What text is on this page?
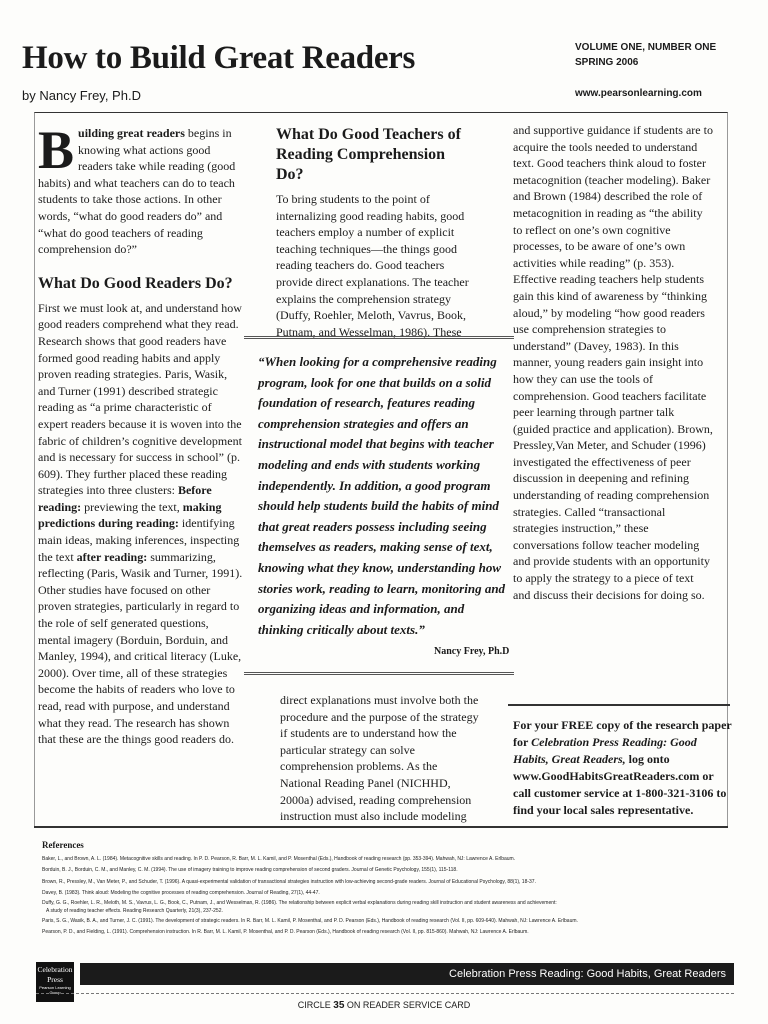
How to Build Great Readers
by Nancy Frey, Ph.D
VOLUME ONE, NUMBER ONE
SPRING 2006
www.pearsonlearning.com

Building great readers begins in knowing what actions good readers take while reading (good habits) and what teachers can do to teach students to take those actions. In other words, “what do good readers do” and “what do good teachers of reading comprehension do?”

What Do Good Readers Do?

First we must look at, and understand how good readers comprehend what they read. Research shows that good readers have formed good reading habits and apply proven reading strategies. Paris, Wasik, and Turner (1991) described strategic reading as “a prime characteristic of expert readers because it is woven into the fabric of children’s cognitive development and is necessary for success in school” (p. 609). They further placed these reading strategies into three clusters: Before reading: previewing the text, making predictions during reading: identifying main ideas, making inferences, inspecting the text after reading: summarizing, reflecting (Paris, Wasik and Turner, 1991). Other studies have focused on other proven strategies, particularly in regard to the role of self generated questions, mental imagery (Borduin, Borduin, and Manley, 1994), and critical literacy (Luke, 2000). Over time, all of these strategies become the habits of readers who love to read, read with purpose, and understand what they read. The research has shown that these are the things good readers do.

What Do Good Teachers of Reading Comprehension Do?

To bring students to the point of internalizing good reading habits, good teachers employ a number of explicit teaching techniques—the things good reading teachers do. Good teachers provide direct explanations. The teacher explains the comprehension strategy (Duffy, Roehler, Meloth, Vavrus, Book, Putnam, and Wesselman, 1986). These

“When looking for a comprehensive reading program, look for one that builds on a solid foundation of research, features reading comprehension strategies and offers an instructional model that begins with teacher modeling and ends with students working independently. In addition, a good program should help students build the habits of mind that great readers possess including seeing themselves as readers, making sense of text, knowing what they know, understanding how stories work, reading to learn, monitoring and organizing ideas and information, and thinking critically about texts.”
Nancy Frey, Ph.D
direct explanations must involve both the procedure and the purpose of the strategy if students are to understand how the particular strategy can solve comprehension problems. As the National Reading Panel (NICHHD, 2000a) advised, reading comprehension instruction must also include modeling
and supportive guidance if students are to acquire the tools needed to understand text. Good teachers think aloud to foster metacognition (teacher modeling). Baker and Brown (1984) described the role of metacognition in reading as “the ability to reflect on one’s own cognitive processes, to be aware of one’s own activities while reading” (p. 353). Effective reading teachers help students gain this kind of awareness by “thinking aloud,” by modeling “how good readers use comprehension strategies to understand” (Davey, 1983). In this manner, young readers gain insight into how they can use the tools of comprehension. Good teachers facilitate peer learning through partner talk (guided practice and application). Brown, Pressley,Van Meter, and Schuder (1996) investigated the effectiveness of peer discussion in deepening and refining understanding of reading comprehension strategies. Called “transactional strategies instruction,” these conversations follow teacher modeling and provide students with an opportunity to apply the strategy to a piece of text and discuss their decisions for doing so.
For your FREE copy of the research paper for Celebration Press Reading: Good Habits, Great Readers, log onto www.GoodHabitsGreatReaders.com or call customer service at 1-800-321-3106 to find your local sales representative.
References
Baker, L., and Brown, A. L. (1984). Metacognitive skills and reading. In P. D. Pearson, R. Barr, M. L. Kamil, and P. Mosenthal (Eds.), Handbook of reading research (pp. 353-394). Mahwah, NJ: Lawrence A. Erlbaum.
Borduin, B. J., Borduin, C. M., and Manley, C. M. (1994). The use of imagery training to improve reading comprehension of second graders. Journal of Genetic Psychology, 155(1), 115-118.
Brown, R., Pressley, M., Van Meter, P., and Schuder, T. (1996). A quasi-experimental validation of transactional strategies instruction with low-achieving second-grade readers. Journal of Educational Psychology, 88(1), 18-37.
Davey, B. (1983). Think aloud: Modeling the cognitive processes of reading comprehension. Journal of Reading, 27(1), 44-47.
Duffy, G. G., Roehler, L. R., Meloth, M. S., Vavrus, L. G., Book, C., Putnam, J., and Wesselman, R. (1986). The relationship between explicit verbal explanations during reading skill instruction and student awareness and achievement:
A study of reading teacher effects. Reading Research Quarterly, 21(3), 237-252.
Paris, S. G., Wasik, B. A., and Turner, J. C. (1991). The development of strategic readers. In R. Barr, M. L. Kamil, P. Mosenthal, and P. D. Pearson (Eds.), Handbook of reading research (Vol. II, pp. 609-640). Mahwah, NJ: Lawrence A. Erlbaum.
Pearson, P. D., and Fielding, L. (1991). Comprehension instruction. In R. Barr, M. L. Kamil, P. Mosenthal, and P. D. Pearson (Eds.), Handbook of reading research (Vol. II, pp. 815-860). Mahwah, NJ: Lawrence A. Erlbaum.
Celebration
Press
Pearson Learning Group
Celebration Press Reading: Good Habits, Great Readers
CIRCLE 35 ON READER SERVICE CARD
